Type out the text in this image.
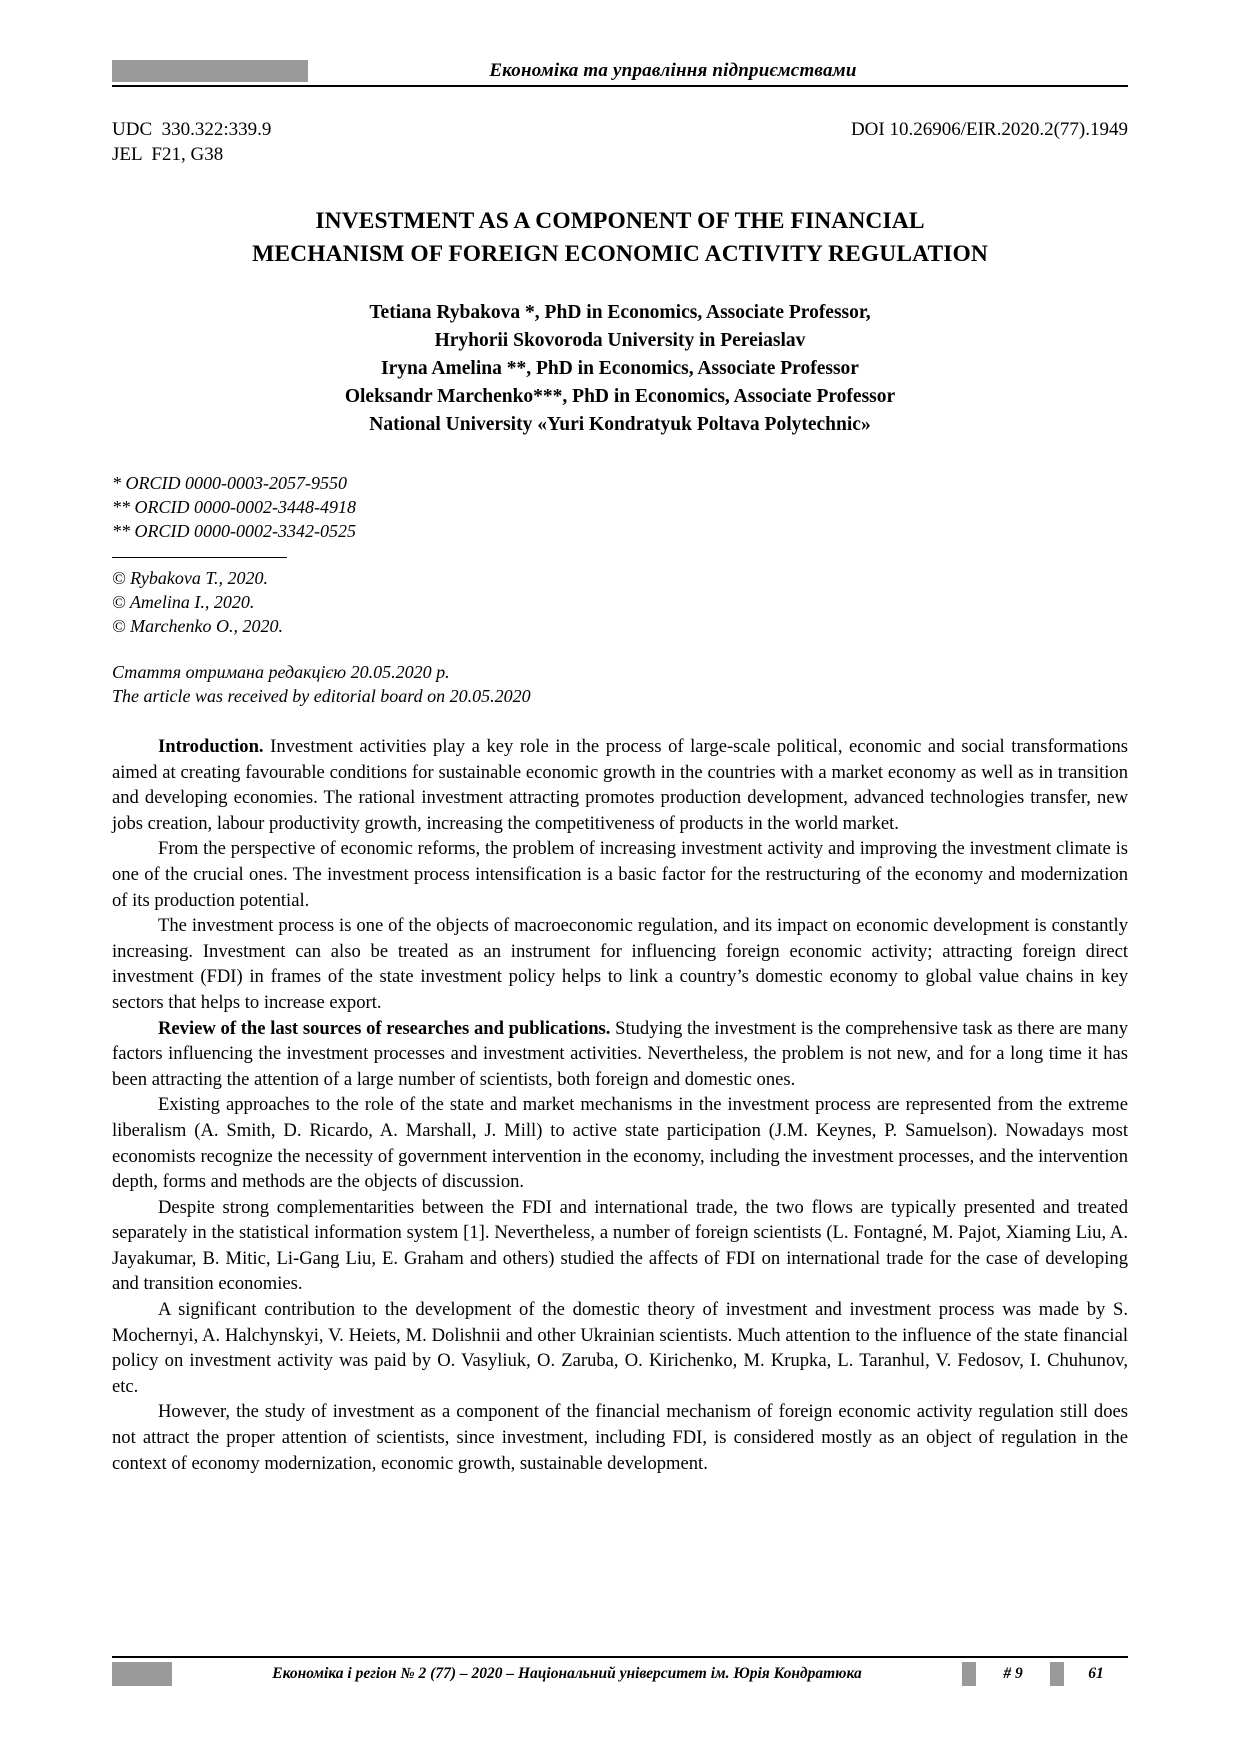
Економіка та управління підприємствами
UDC  330.322:339.9
JEL  F21, G38
DOI 10.26906/EIR.2020.2(77).1949
INVESTMENT AS A COMPONENT OF THE FINANCIAL
MECHANISM OF FOREIGN ECONOMIC ACTIVITY REGULATION
Tetiana Rybakova *, PhD in Economics, Associate Professor,
Hryhorii Skovoroda University in Pereiaslav
Iryna Amelina **, PhD in Economics, Associate Professor
Oleksandr Marchenko***, PhD in Economics, Associate Professor
National University «Yuri Kondratyuk Poltava Polytechnic»
* ORCID 0000-0003-2057-9550
** ORCID 0000-0002-3448-4918
** ORCID 0000-0002-3342-0525
© Rybakova T., 2020.
© Amelina I., 2020.
© Marchenko O., 2020.
Стаття отримана редакцією 20.05.2020 р.
The article was received by editorial board on 20.05.2020

Introduction. Investment activities play a key role in the process of large-scale political, economic and social transformations aimed at creating favourable conditions for sustainable economic growth in the countries with a market economy as well as in transition and developing economies. The rational investment attracting promotes production development, advanced technologies transfer, new jobs creation, labour productivity growth, increasing the competitiveness of products in the world market.

From the perspective of economic reforms, the problem of increasing investment activity and improving the investment climate is one of the crucial ones. The investment process intensification is a basic factor for the restructuring of the economy and modernization of its production potential.

The investment process is one of the objects of macroeconomic regulation, and its impact on economic development is constantly increasing. Investment can also be treated as an instrument for influencing foreign economic activity; attracting foreign direct investment (FDI) in frames of the state investment policy helps to link a country’s domestic economy to global value chains in key sectors that helps to increase export.

Review of the last sources of researches and publications. Studying the investment is the comprehensive task as there are many factors influencing the investment processes and investment activities. Nevertheless, the problem is not new, and for a long time it has been attracting the attention of a large number of scientists, both foreign and domestic ones.

Existing approaches to the role of the state and market mechanisms in the investment process are represented from the extreme liberalism (A. Smith, D. Ricardo, A. Marshall, J. Mill) to active state participation (J.M. Keynes, P. Samuelson). Nowadays most economists recognize the necessity of government intervention in the economy, including the investment processes, and the intervention depth, forms and methods are the objects of discussion.

Despite strong complementarities between the FDI and international trade, the two flows are typically presented and treated separately in the statistical information system [1]. Nevertheless, a number of foreign scientists (L. Fontagné, M. Pajot, Xiaming Liu, A. Jayakumar, B. Mitic, Li-Gang Liu, E. Graham and others) studied the affects of FDI on international trade for the case of developing and transition economies.

A significant contribution to the development of the domestic theory of investment and investment process was made by S. Mochernyi, A. Halchynskyi, V. Heiets, M. Dolishnii and other Ukrainian scientists. Much attention to the influence of the state financial policy on investment activity was paid by O. Vasyliuk, O. Zaruba, O. Kirichenko, M. Krupka, L. Taranhul, V. Fedosov, I. Chuhunov, etc.

However, the study of investment as a component of the financial mechanism of foreign economic activity regulation still does not attract the proper attention of scientists, since investment, including FDI, is considered mostly as an object of regulation in the context of economy modernization, economic growth, sustainable development.

Економіка і регіон № 2 (77) – 2020 – Національний університет ім. Юрія Кондратюка	# 9	61
